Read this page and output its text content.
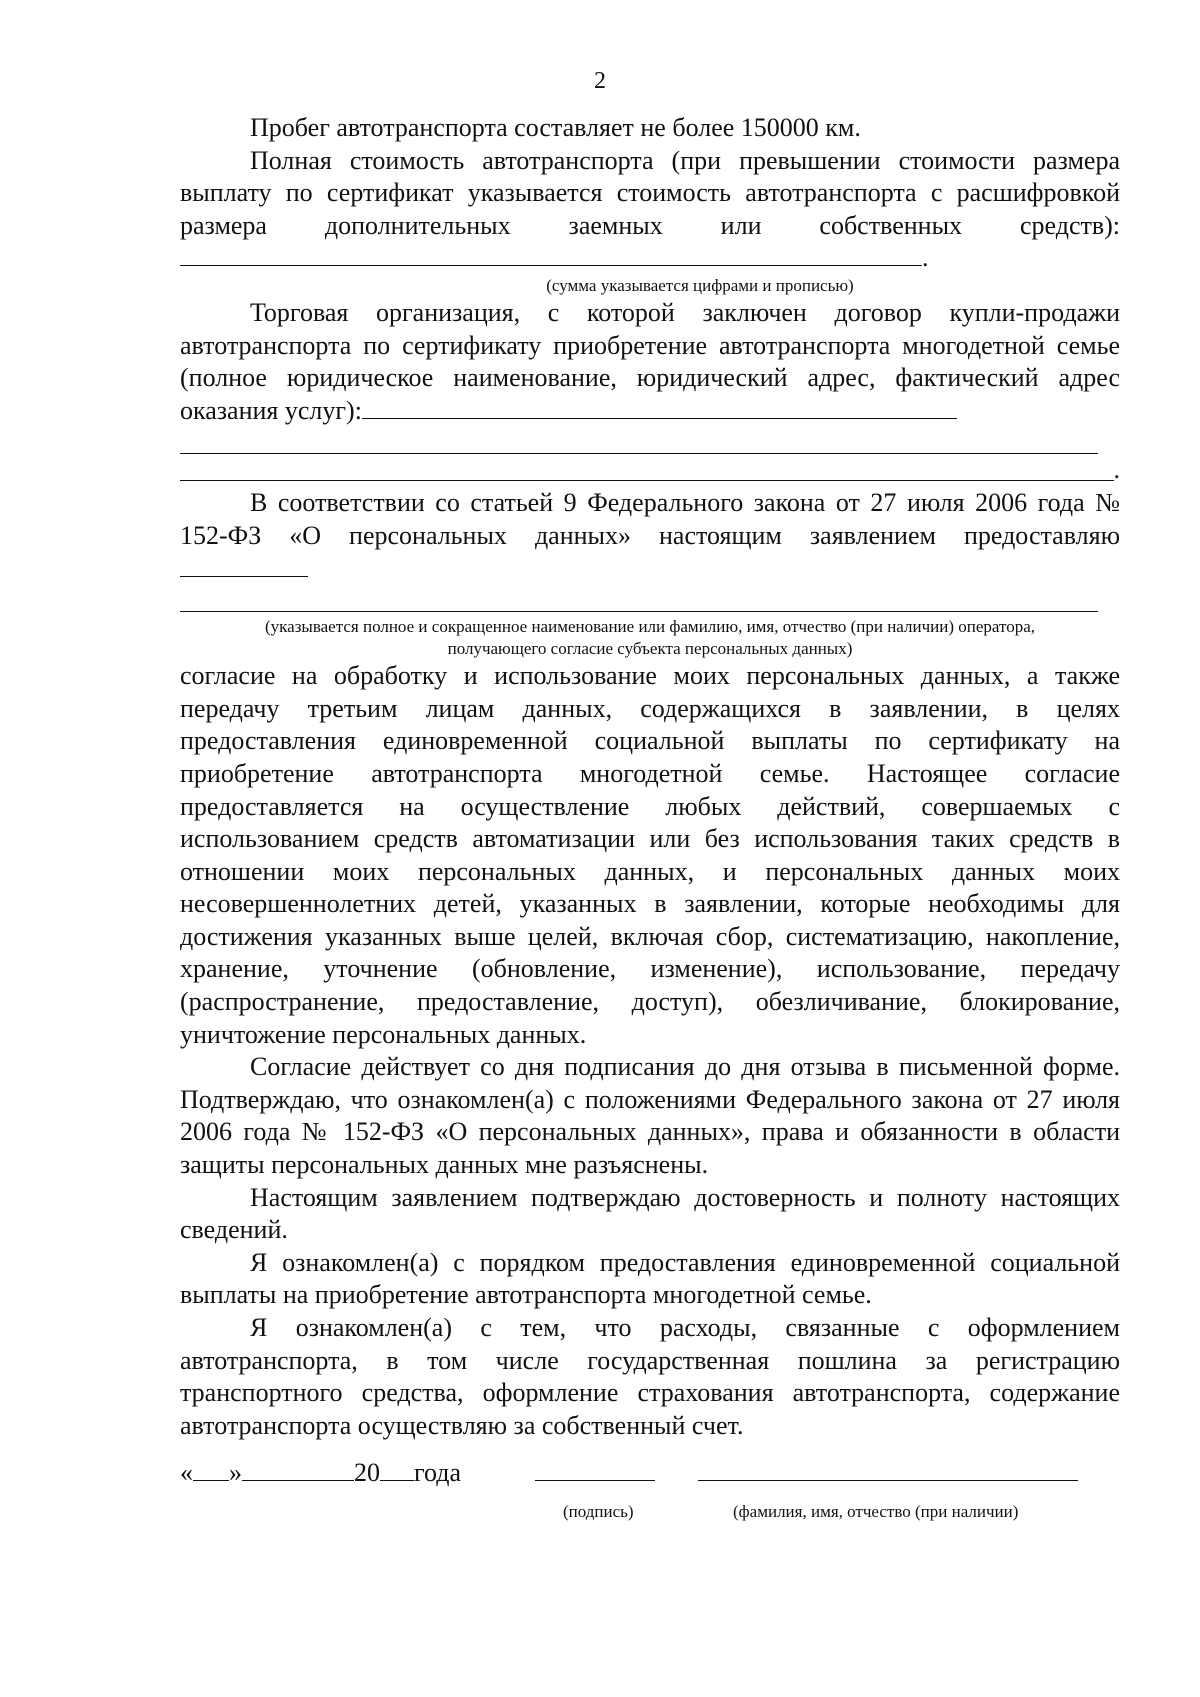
2

Пробег автотранспорта составляет не более 150000 км.

Полная стоимость автотранспорта (при превышении стоимости размера выплату по сертификат указывается стоимость автотранспорта с расшифровкой размера дополнительных заемных или собственных средств): .

(сумма указывается цифрами и прописью)

Торговая организация, с которой заключен договор купли-продажи автотранспорта по сертификату приобретение автотранспорта многодетной семье (полное юридическое наименование, юридический адрес, фактический адрес оказания услуг):

.

В соответствии со статьей 9 Федерального закона от 27 июля 2006 года № 152-ФЗ «О персональных данных» настоящим заявлением предоставляю

(указывается полное и сокращенное наименование или фамилию, имя, отчество (при наличии) оператора, получающего согласие субъекта персональных данных)

согласие на обработку и использование моих персональных данных, а также передачу третьим лицам данных, содержащихся в заявлении, в целях предоставления единовременной социальной выплаты по сертификату на приобретение автотранспорта многодетной семье. Настоящее согласие предоставляется на осуществление любых действий, совершаемых с использованием средств автоматизации или без использования таких средств в отношении моих персональных данных, и персональных данных моих несовершеннолетних детей, указанных в заявлении, которые необходимы для достижения указанных выше целей, включая сбор, систематизацию, накопление, хранение, уточнение (обновление, изменение), использование, передачу (распространение, предоставление, доступ), обезличивание, блокирование, уничтожение персональных данных.

Согласие действует со дня подписания до дня отзыва в письменной форме. Подтверждаю, что ознакомлен(а) с положениями Федерального закона от 27 июля 2006 года № 152-ФЗ «О персональных данных», права и обязанности в области защиты персональных данных мне разъяснены.

Настоящим заявлением подтверждаю достоверность и полноту настоящих сведений.

Я ознакомлен(а) с порядком предоставления единовременной социальной выплаты на приобретение автотранспорта многодетной семье.

Я ознакомлен(а) с тем, что расходы, связанные с оформлением автотранспорта, в том числе государственная пошлина за регистрацию транспортного средства, оформление страхования автотранспорта, содержание автотранспорта осуществляю за собственный счет.

« »	20 года
(подпись)	(фамилия, имя, отчество (при наличии)
